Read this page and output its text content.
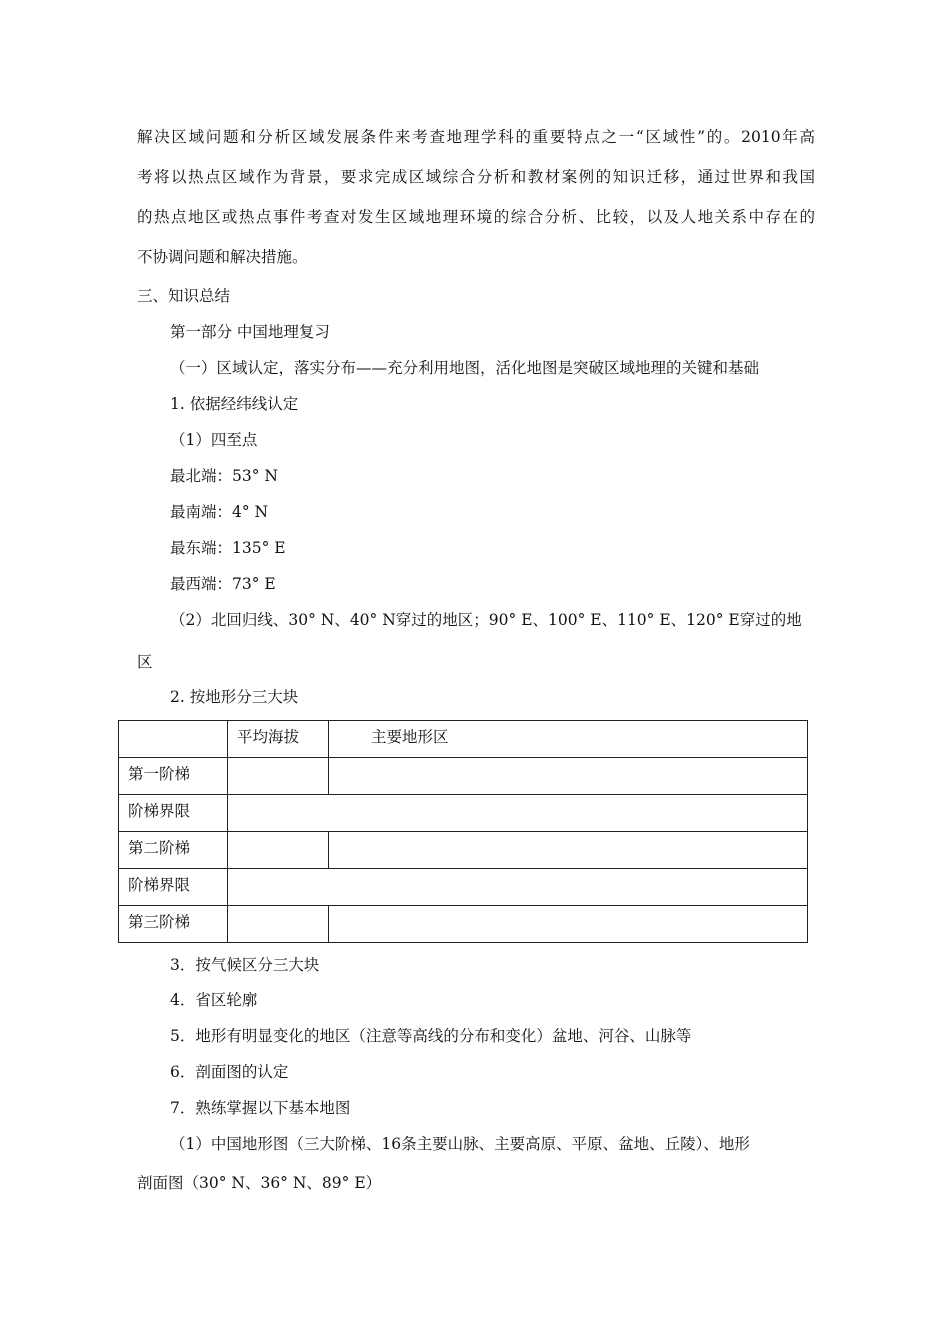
解决区域问题和分析区域发展条件来考查地理学科的重要特点之一“区域性”的。2010年高
考将以热点区域作为背景，要求完成区域综合分析和教材案例的知识迁移，通过世界和我国
的热点地区或热点事件考查对发生区域地理环境的综合分析、比较，以及人地关系中存在的
不协调问题和解决措施。
三、知识总结
第一部分 中国地理复习
（一）区域认定，落实分布——充分利用地图，活化地图是突破区域地理的关键和基础
1. 依据经纬线认定
（1）四至点
最北端：53° N
最南端：4° N
最东端：135° E
最西端：73° E
（2）北回归线、30° N、40° N穿过的地区；90° E、100° E、110° E、120° E穿过的地
区
2. 按地形分三大块
	平均海拔	主要地形区
第一阶梯		
阶梯界限		
第二阶梯		
阶梯界限		
第三阶梯		
3．按气候区分三大块
4．省区轮廓
5．地形有明显变化的地区（注意等高线的分布和变化）盆地、河谷、山脉等
6．剖面图的认定
7．熟练掌握以下基本地图
（1）中国地形图（三大阶梯、16条主要山脉、主要高原、平原、盆地、丘陵）、地形
剖面图（30° N、36° N、89° E）
